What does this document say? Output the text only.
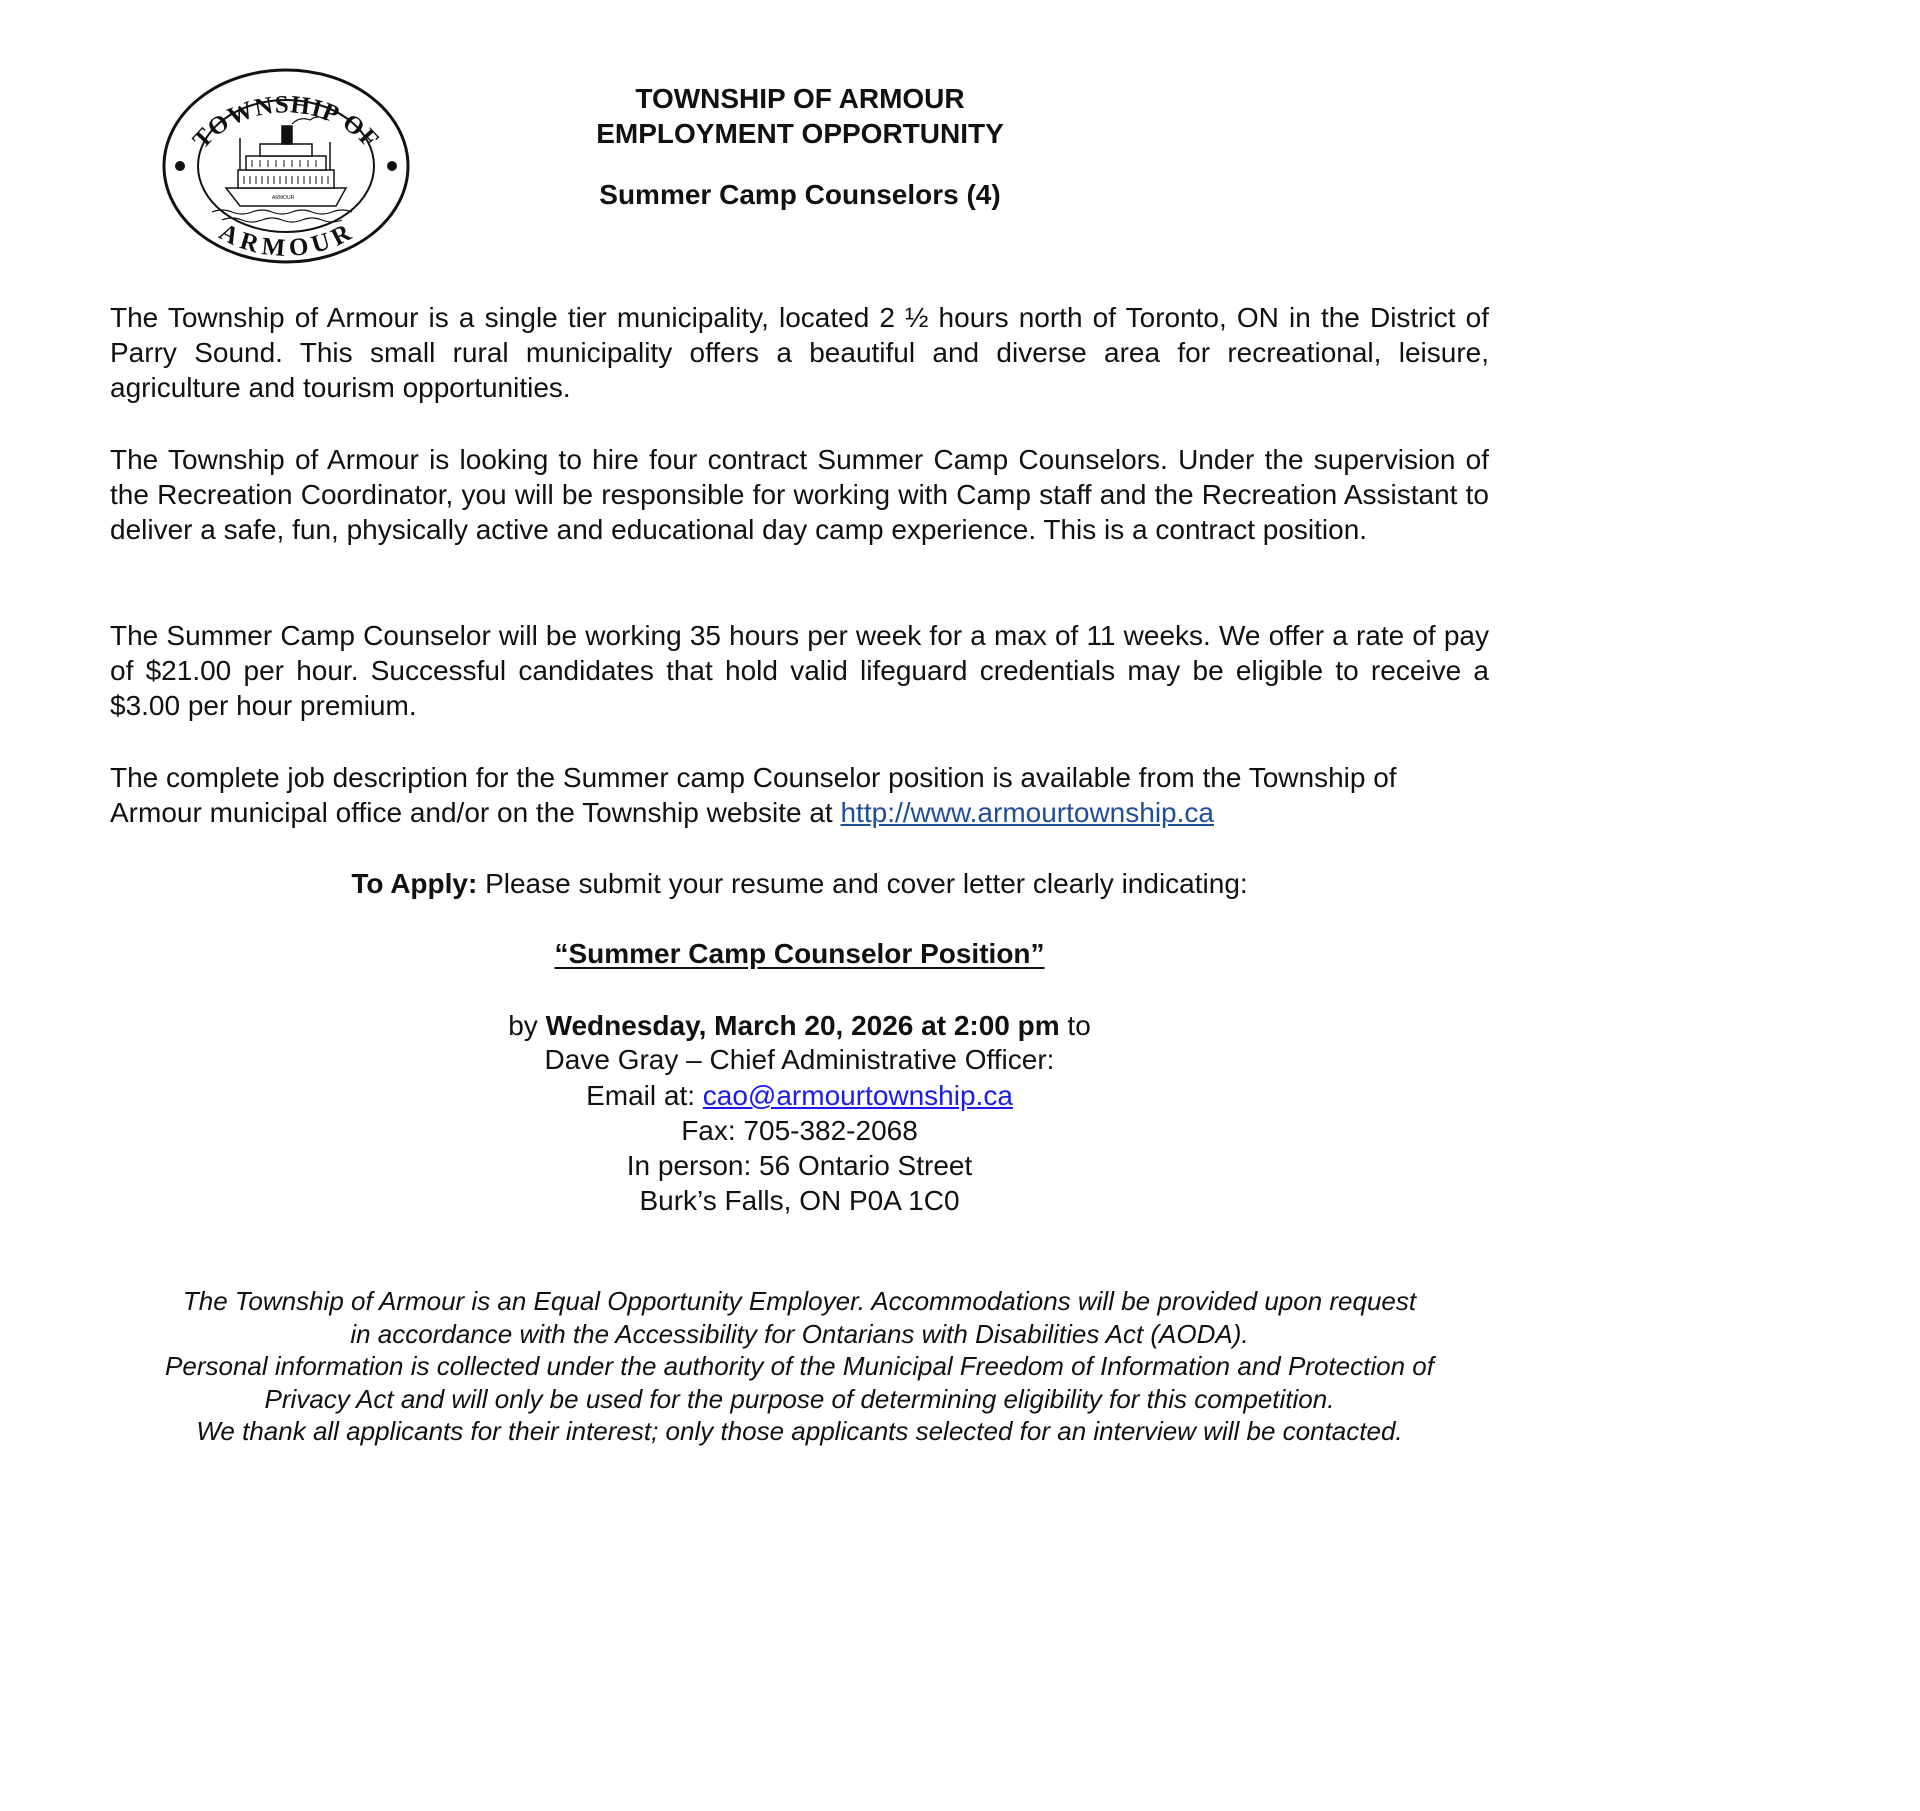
TOWNSHIP OF
ARMOUR
ARMOUR
TOWNSHIP OF ARMOUR
EMPLOYMENT OPPORTUNITY
Summer Camp Counselors (4)
The Township of Armour is a single tier municipality, located 2 ½ hours north of Toronto, ON in the District of Parry Sound. This small rural municipality offers a beautiful and diverse area for recreational, leisure, agriculture and tourism opportunities.
The Township of Armour is looking to hire four contract Summer Camp Counselors. Under the supervision of the Recreation Coordinator, you will be responsible for working with Camp staff and the Recreation Assistant to deliver a safe, fun, physically active and educational day camp experience. This is a contract position.
The Summer Camp Counselor will be working 35 hours per week for a max of 11 weeks. We offer a rate of pay of $21.00 per hour. Successful candidates that hold valid lifeguard credentials may be eligible to receive a $3.00 per hour premium.
The complete job description for the Summer camp Counselor position is available from the Township of Armour municipal office and/or on the Township website at http://www.armourtownship.ca
To Apply: Please submit your resume and cover letter clearly indicating:
“Summer Camp Counselor Position”
by Wednesday, March 20, 2026 at 2:00 pm to
Dave Gray – Chief Administrative Officer:
Email at: cao@armourtownship.ca
Fax: 705-382-2068
In person: 56 Ontario Street
Burk’s Falls, ON P0A 1C0
The Township of Armour is an Equal Opportunity Employer. Accommodations will be provided upon request
in accordance with the Accessibility for Ontarians with Disabilities Act (AODA).
Personal information is collected under the authority of the Municipal Freedom of Information and Protection of
Privacy Act and will only be used for the purpose of determining eligibility for this competition.
We thank all applicants for their interest; only those applicants selected for an interview will be contacted.
